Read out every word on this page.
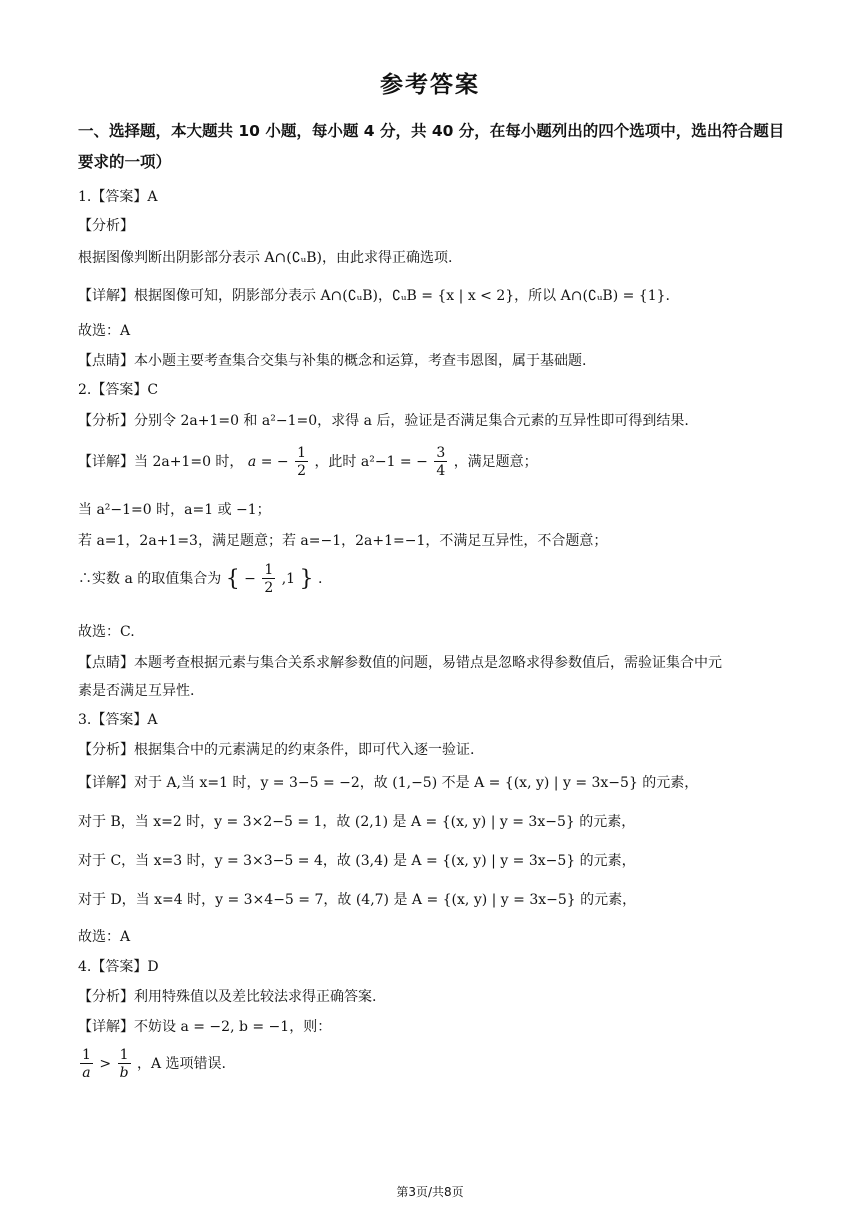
参考答案
一、选择题，本大题共 10 小题，每小题 4 分，共 40 分，在每小题列出的四个选项中，选出符合题目要求的一项）
1.【答案】A
【分析】
根据图像判断出阴影部分表示 A∩(∁ᵤB)，由此求得正确选项.
【详解】根据图像可知，阴影部分表示 A∩(∁ᵤB)，∁ᵤB = {x | x < 2}，所以 A∩(∁ᵤB) = {1}.
故选：A
【点睛】本小题主要考查集合交集与补集的概念和运算，考查韦恩图，属于基础题.
2.【答案】C
【分析】分别令 2a+1=0 和 a²−1=0，求得 a 后，验证是否满足集合元素的互异性即可得到结果.
【详解】当 2a+1=0 时， a = − $\frac{1}{2}$ ，此时 a²−1 = − $\frac{3}{4}$ ，满足题意；
当 a²−1=0 时，a=1 或 −1；
若 a=1，2a+1=3，满足题意；若 a=−1，2a+1=−1，不满足互异性，不合题意；
∴实数 a 的取值集合为 { − $\frac{1}{2} ,1$ } .
故选：C.
【点睛】本题考查根据元素与集合关系求解参数值的问题，易错点是忽略求得参数值后，需验证集合中元
素是否满足互异性.
3.【答案】A
【分析】根据集合中的元素满足的约束条件，即可代入逐一验证.
【详解】对于 A,当 x=1 时，y = 3−5 = −2，故 (1,−5) 不是 A = {(x, y) | y = 3x−5} 的元素，
对于 B，当 x=2 时，y = 3×2−5 = 1，故 (2,1) 是 A = {(x, y) | y = 3x−5} 的元素，
对于 C，当 x=3 时，y = 3×3−5 = 4，故 (3,4) 是 A = {(x, y) | y = 3x−5} 的元素，
对于 D，当 x=4 时，y = 3×4−5 = 7，故 (4,7) 是 A = {(x, y) | y = 3x−5} 的元素，
故选：A
4.【答案】D
【分析】利用特殊值以及差比较法求得正确答案.
【详解】不妨设 a = −2, b = −1，则：
$\frac{1}{a} > \frac{1}{b}$ ，A 选项错误.
第3页/共8页
